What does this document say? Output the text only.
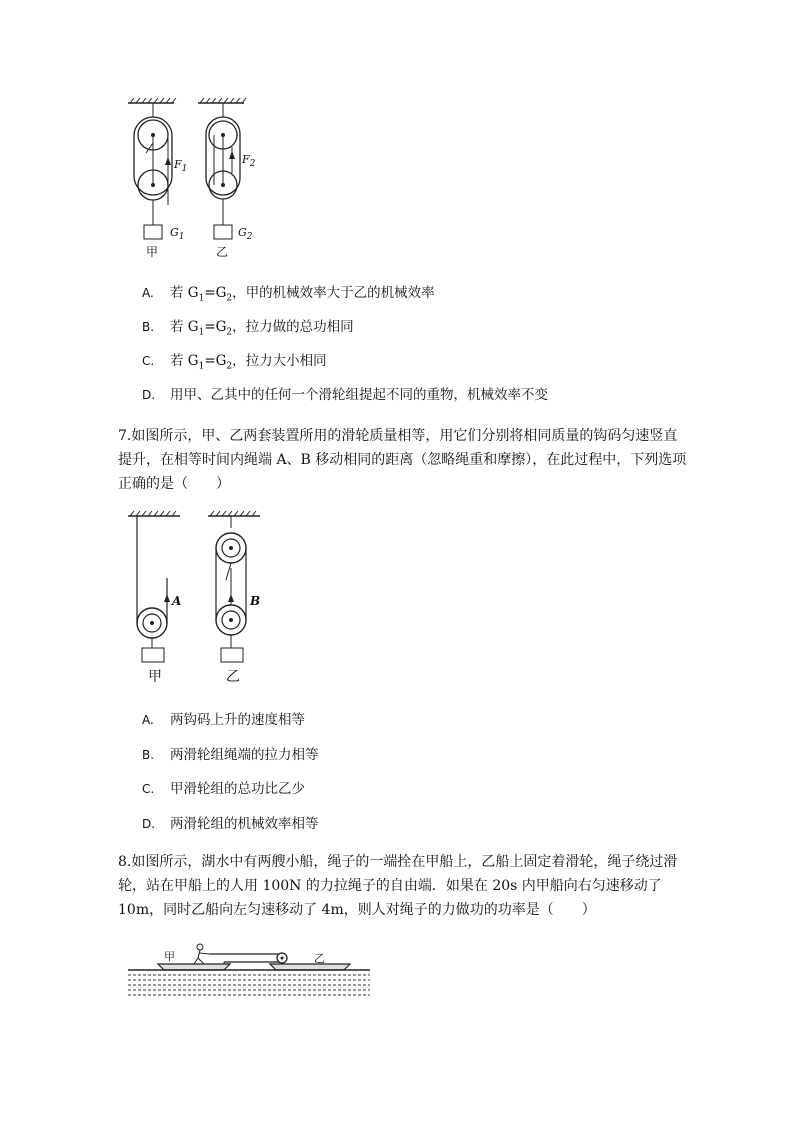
$F_1$
$F_2$
$G_1$	$G_2$
甲	乙
A. 若 $G_1=G_2$，甲的机械效率大于乙的机械效率
B. 若 $G_1=G_2$，拉力做的总功相同
C. 若 $G_1=G_2$，拉力大小相同
D. 用甲、乙其中的任何一个滑轮组提起不同的重物，机械效率不变
7.如图所示，甲、乙两套装置所用的滑轮质量相等，用它们分别将相同质量的钩码匀速竖直提升，在相等时间内绳端 A、B 移动相同的距离（忽略绳重和摩擦），在此过程中，下列选项正确的是（　　）
A	B
甲	乙
A. 两钩码上升的速度相等
B. 两滑轮组绳端的拉力相等
C. 甲滑轮组的总功比乙少
D. 两滑轮组的机械效率相等
8.如图所示，湖水中有两艘小船，绳子的一端拴在甲船上，乙船上固定着滑轮，绳子绕过滑轮，站在甲船上的人用 100N 的力拉绳子的自由端．如果在 20s 内甲船向右匀速移动了 10m，同时乙船向左匀速移动了 4m，则人对绳子的力做功的功率是（　　）
甲	乙
